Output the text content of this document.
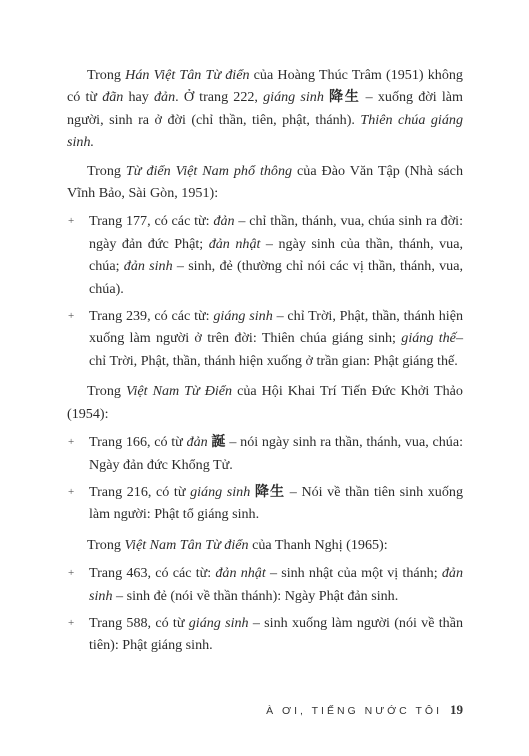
Trong Hán Việt Tân Từ điển của Hoàng Thúc Trâm (1951) không có từ đãn hay đản. Ở trang 222, giáng sinh 降生 – xuống đời làm người, sinh ra ở đời (chỉ thần, tiên, phật, thánh). Thiên chúa giáng sinh.

Trong Từ điển Việt Nam phổ thông của Đào Văn Tập (Nhà sách Vĩnh Bảo, Sài Gòn, 1951):

+ Trang 177, có các từ: đản – chỉ thần, thánh, vua, chúa sinh ra đời: ngày đản đức Phật; đản nhật – ngày sinh của thần, thánh, vua, chúa; đản sinh – sinh, đẻ (thường chỉ nói các vị thần, thánh, vua, chúa).
+ Trang 239, có các từ: giáng sinh – chỉ Trời, Phật, thần, thánh hiện xuống làm người ở trên đời: Thiên chúa giáng sinh; giáng thế– chỉ Trời, Phật, thần, thánh hiện xuống ở trần gian: Phật giáng thế.

Trong Việt Nam Từ Điển của Hội Khai Trí Tiến Đức Khởi Thảo (1954):

+ Trang 166, có từ đản 誕 – nói ngày sinh ra thần, thánh, vua, chúa: Ngày đản đức Khổng Tử.
+ Trang 216, có từ giáng sinh 降生 – Nói về thần tiên sinh xuống làm người: Phật tổ giáng sinh.

Trong Việt Nam Tân Từ điển của Thanh Nghị (1965):

+ Trang 463, có các từ: đản nhật – sinh nhật của một vị thánh; đản sinh – sinh đẻ (nói về thần thánh): Ngày Phật đản sinh.
+ Trang 588, có từ giáng sinh – sinh xuống làm người (nói về thần tiên): Phật giáng sinh.
À ƠI, TIẾNG NƯỚC TÔI 19
